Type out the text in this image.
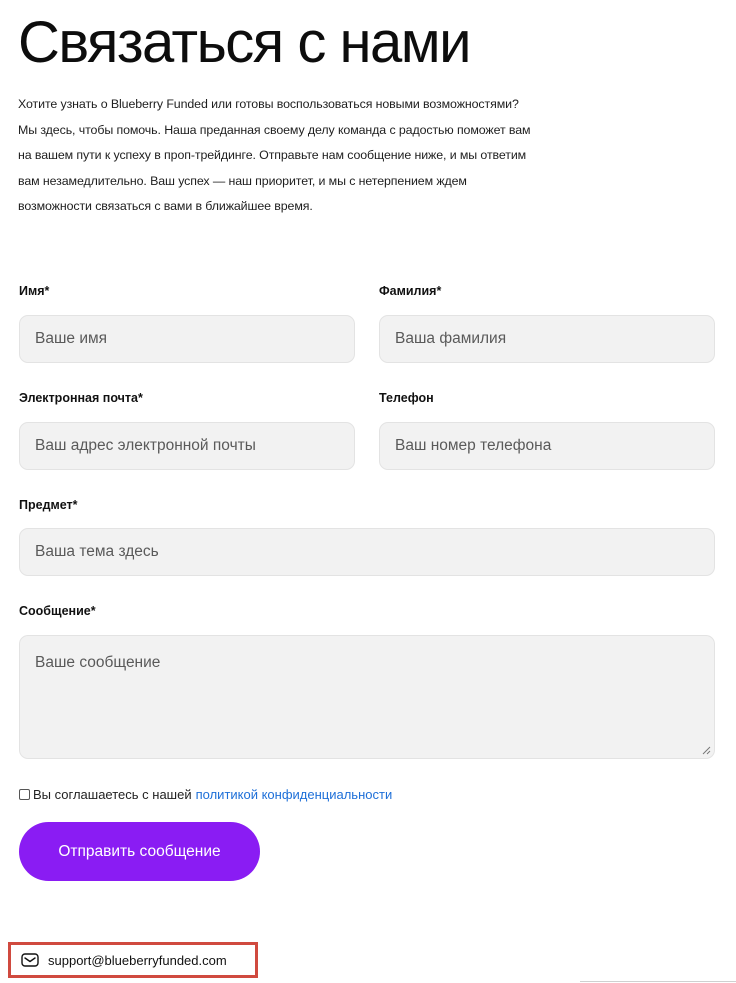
Связаться с нами

Хотите узнать о Blueberry Funded или готовы воспользоваться новыми возможностями?

Мы здесь, чтобы помочь. Наша преданная своему делу команда с радостью поможет вам

на вашем пути к успеху в проп-трейдинге. Отправьте нам сообщение ниже, и мы ответим

вам незамедлительно. Ваш успех — наш приоритет, и мы с нетерпением ждем

возможности связаться с вами в ближайшее время.

Имя*
Ваше имя
Фамилия*
Ваша фамилия
Электронная почта*
Ваш адрес электронной почты
Телефон
Ваш номер телефона
Предмет*
Ваша тема здесь
Сообщение*
Ваше сообщение
Вы соглашаетесь с нашей политикой конфиденциальности
Отправить сообщение
support@blueberryfunded.com
